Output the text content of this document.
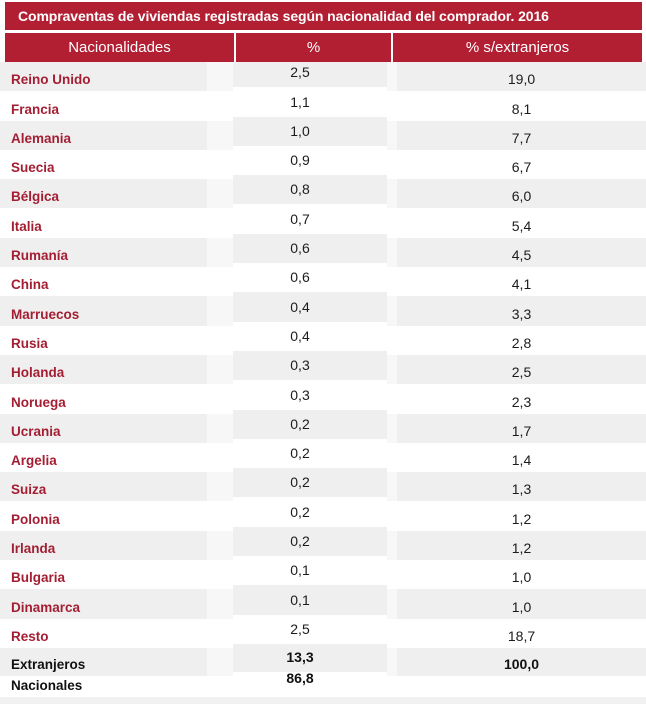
Compraventas de viviendas registradas según nacionalidad del comprador. 2016
Nacionalidades	%	% s/extranjeros
Reino Unido	2,5	19,0
Francia	1,1	8,1
Alemania	1,0	7,7
Suecia	0,9	6,7
Bélgica	0,8	6,0
Italia	0,7	5,4
Rumanía	0,6	4,5
China	0,6	4,1
Marruecos	0,4	3,3
Rusia	0,4	2,8
Holanda	0,3	2,5
Noruega	0,3	2,3
Ucrania	0,2	1,7
Argelia	0,2	1,4
Suiza	0,2	1,3
Polonia	0,2	1,2
Irlanda	0,2	1,2
Bulgaria	0,1	1,0
Dinamarca	0,1	1,0
Resto	2,5	18,7
Extranjeros	13,3	100,0
Nacionales	86,8
